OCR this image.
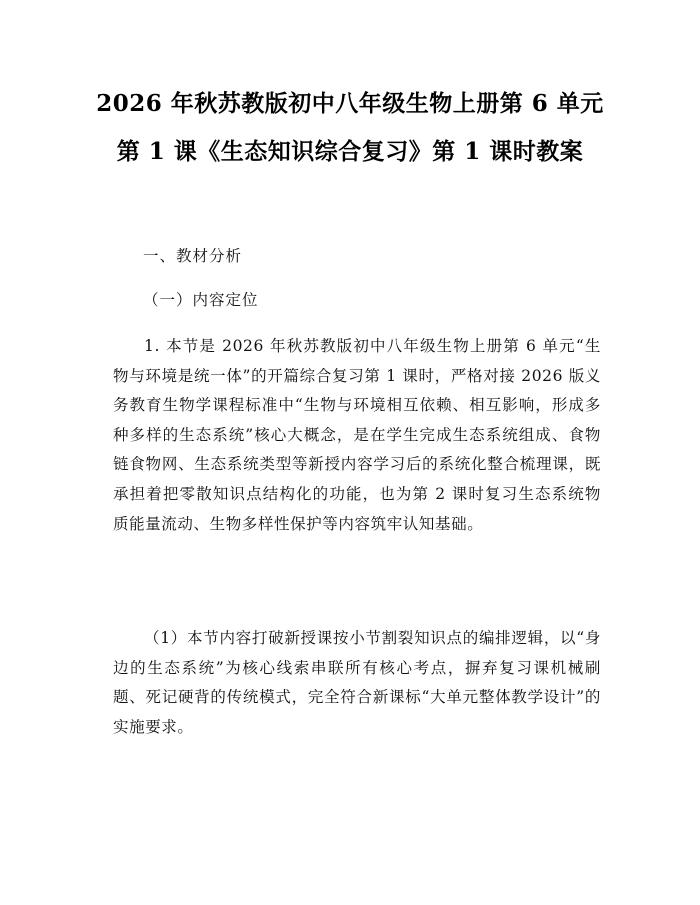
2026 年秋苏教版初中八年级生物上册第 6 单元第 1 课《生态知识综合复习》第 1 课时教案
一、教材分析
（一）内容定位
1. 本节是 2026 年秋苏教版初中八年级生物上册第 6 单元“生物与环境是统一体”的开篇综合复习第 1 课时，严格对接 2026 版义务教育生物学课程标准中“生物与环境相互依赖、相互影响，形成多种多样的生态系统”核心大概念，是在学生完成生态系统组成、食物链食物网、生态系统类型等新授内容学习后的系统化整合梳理课，既承担着把零散知识点结构化的功能，也为第 2 课时复习生态系统物质能量流动、生物多样性保护等内容筑牢认知基础。
（1）本节内容打破新授课按小节割裂知识点的编排逻辑，以“身边的生态系统”为核心线索串联所有核心考点，摒弃复习课机械刷题、死记硬背的传统模式，完全符合新课标“大单元整体教学设计”的实施要求。
